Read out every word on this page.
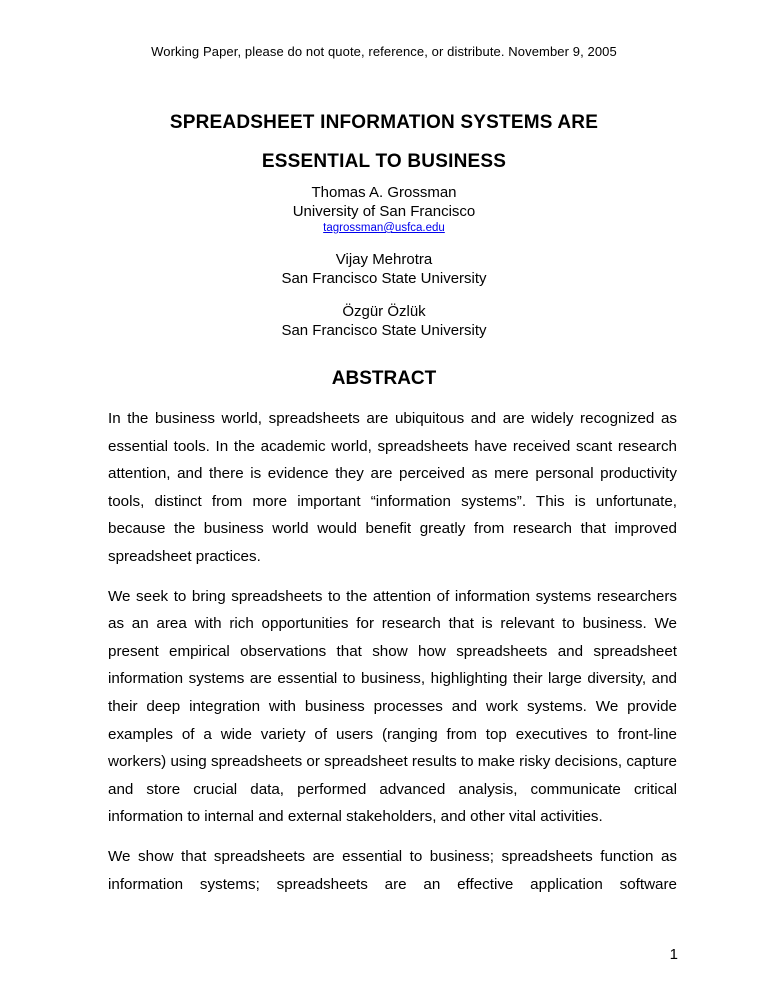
Working Paper, please do not quote, reference, or distribute. November 9, 2005
SPREADSHEET INFORMATION SYSTEMS ARE
ESSENTIAL TO BUSINESS
Thomas A. Grossman
University of San Francisco
tagrossman@usfca.edu
Vijay Mehrotra
San Francisco State University
Özgür Özlük
San Francisco State University
ABSTRACT

In the business world, spreadsheets are ubiquitous and are widely recognized as essential tools. In the academic world, spreadsheets have received scant research attention, and there is evidence they are perceived as mere personal productivity tools, distinct from more important “information systems”. This is unfortunate, because the business world would benefit greatly from research that improved spreadsheet practices.

We seek to bring spreadsheets to the attention of information systems researchers as an area with rich opportunities for research that is relevant to business. We present empirical observations that show how spreadsheets and spreadsheet information systems are essential to business, highlighting their large diversity, and their deep integration with business processes and work systems. We provide examples of a wide variety of users (ranging from top executives to front-line workers) using spreadsheets or spreadsheet results to make risky decisions, capture and store crucial data, performed advanced analysis, communicate critical information to internal and external stakeholders, and other vital activities.

We show that spreadsheets are essential to business; spreadsheets function as information systems; spreadsheets are an effective application software

1
